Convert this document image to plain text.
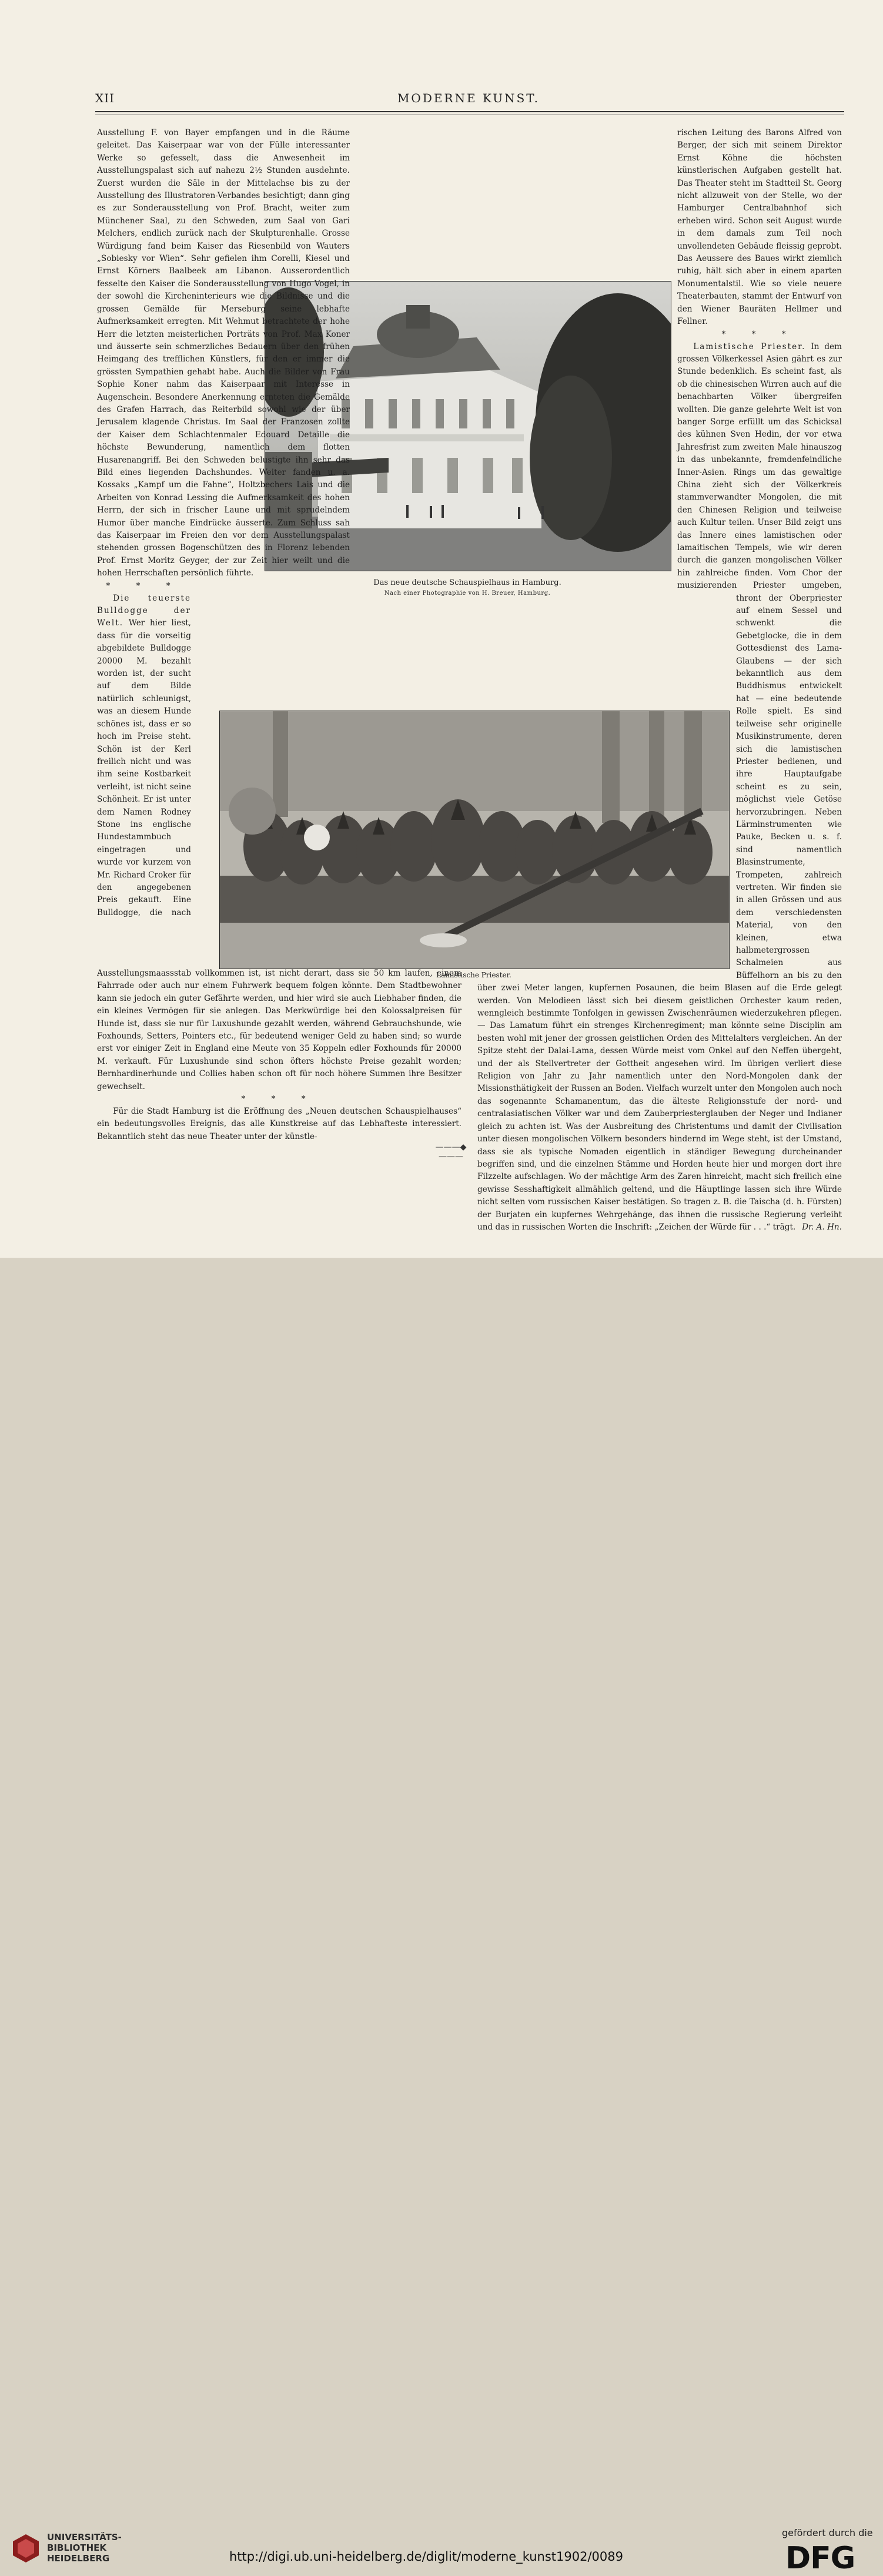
XII	MODERNE KUNST.
Das neue deutsche Schauspielhaus in Hamburg.
Nach einer Photographie von H. Breuer, Hamburg.
Lamistische Priester.

Ausstellung F. von Bayer empfangen und in die Räume geleitet. Das Kaiserpaar war von der Fülle interessanter Werke so gefesselt, dass die Anwesenheit im Ausstellungspalast sich auf nahezu 2½ Stunden ausdehnte. Zuerst wurden die Säle in der Mittelachse bis zu der Ausstellung des Illustratoren-Verbandes besichtigt; dann ging es zur Sonderausstellung von Prof. Bracht, weiter zum Münchener Saal, zu den Schweden, zum Saal von Gari Melchers, endlich zurück nach der Skulpturenhalle. Grosse Würdigung fand beim Kaiser das Riesenbild von Wauters „Sobiesky vor Wien“. Sehr gefielen ihm Corelli, Kiesel und Ernst Körners Baalbeek am Libanon. Ausserordentlich fesselte den Kaiser die Sonderausstellung von Hugo Vogel, in der sowohl die Kircheninterieurs wie die Bildnisse und die grossen Gemälde für Merseburg seine lebhafte Aufmerksamkeit erregten. Mit Wehmut betrachtete der hohe Herr die letzten meisterlichen Porträts von Prof. Max Koner und äusserte sein schmerzliches Bedauern über den frühen Heimgang des trefflichen Künstlers, für den er immer die grössten Sympathien gehabt habe. Auch die Bilder von Frau Sophie Koner nahm das Kaiserpaar mit Interesse in Augenschein. Besondere Anerkennung ernteten die Gemälde des Grafen Harrach, das Reiterbild sowohl wie der über Jerusalem klagende Christus. Im Saal der Franzosen zollte der Kaiser dem Schlachtenmaler Edouard Detaille die höchste Bewunderung, namentlich dem flotten Husarenangriff. Bei den Schweden belustigte ihn sehr das Bild eines liegenden Dachshundes. Weiter fanden u. a. Kossaks „Kampf um die Fahne“, Holtzbechers Lais und die Arbeiten von Konrad Lessing die Aufmerksamkeit des hohen Herrn, der sich in frischer Laune und mit sprudelndem Humor über manche Eindrücke äusserte. Zum Schluss sah das Kaiserpaar im Freien den vor dem Ausstellungspalast stehenden grossen Bogenschützen des in Florenz lebenden Prof. Ernst Moritz Geyger, der zur Zeit hier weilt und die hohen Herrschaften persönlich führte.

* * *

Die teuerste Bulldogge der Welt. Wer hier liest, dass für die vorseitig abgebildete Bulldogge 20000 M. bezahlt worden ist, der sucht auf dem Bilde natürlich schleunigst, was an diesem Hunde schönes ist, dass er so hoch im Preise steht. Schön ist der Kerl freilich nicht und was ihm seine Kostbarkeit verleiht, ist nicht seine Schönheit. Er ist unter dem Namen Rodney Stone ins englische Hundestammbuch eingetragen und wurde vor kurzem von Mr. Richard Croker für den angegebenen Preis gekauft. Eine Bulldogge, die nach Ausstellungsmaassstab vollkommen ist, ist nicht derart, dass sie 50 km laufen, einem Fahrrade oder auch nur einem Fuhrwerk bequem folgen könnte. Dem Stadtbewohner kann sie jedoch ein guter Gefährte werden, und hier wird sie auch Liebhaber finden, die ein kleines Vermögen für sie anlegen. Das Merkwürdige bei den Kolossalpreisen für Hunde ist, dass sie nur für Luxushunde gezahlt werden, während Gebrauchshunde, wie Foxhounds, Setters, Pointers etc., für bedeutend weniger Geld zu haben sind; so wurde erst vor einiger Zeit in England eine Meute von 35 Koppeln edler Foxhounds für 20000 M. verkauft. Für Luxushunde sind schon öfters höchste Preise gezahlt worden; Bernhardinerhunde und Collies haben schon oft für noch höhere Summen ihre Besitzer gewechselt.

* * *

Für die Stadt Hamburg ist die Eröffnung des „Neuen deutschen Schauspielhauses“ ein bedeutungsvolles Ereignis, das alle Kunstkreise auf das Lebhafteste interessiert. Bekanntlich steht das neue Theater unter der künstle-

rischen Leitung des Barons Alfred von Berger, der sich mit seinem Direktor Ernst Köhne die höchsten künstlerischen Aufgaben gestellt hat. Das Theater steht im Stadtteil St. Georg nicht allzuweit von der Stelle, wo der Hamburger Centralbahnhof sich erheben wird. Schon seit August wurde in dem damals zum Teil noch unvollendeten Gebäude fleissig geprobt. Das Aeussere des Baues wirkt ziemlich ruhig, hält sich aber in einem aparten Monumentalstil. Wie so viele neuere Theaterbauten, stammt der Entwurf von den Wiener Bauräten Hellmer und Fellner.

* * *

Lamistische Priester. In dem grossen Völkerkessel Asien gährt es zur Stunde bedenklich. Es scheint fast, als ob die chinesischen Wirren auch auf die benachbarten Völker übergreifen wollten. Die ganze gelehrte Welt ist von banger Sorge erfüllt um das Schicksal des kühnen Sven Hedin, der vor etwa Jahresfrist zum zweiten Male hinauszog in das unbekannte, fremdenfeindliche Inner-Asien. Rings um das gewaltige China zieht sich der Völkerkreis stammverwandter Mongolen, die mit den Chinesen Religion und teilweise auch Kultur teilen. Unser Bild zeigt uns das Innere eines lamistischen oder lamaitischen Tempels, wie wir deren durch die ganzen mongolischen Völker hin zahlreiche finden. Vom Chor der musizierenden Priester umgeben, thront der Oberpriester auf einem Sessel und schwenkt die Gebetglocke, die in dem Gottesdienst des Lama-Glaubens — der sich bekanntlich aus dem Buddhismus entwickelt hat — eine bedeutende Rolle spielt. Es sind teilweise sehr originelle Musikinstrumente, deren sich die lamistischen Priester bedienen, und ihre Hauptaufgabe scheint es zu sein, möglichst viele Getöse hervorzubringen. Neben Lärminstrumenten wie Pauke, Becken u. s. f. sind namentlich Blasinstrumente, Trompeten, zahlreich vertreten. Wir finden sie in allen Grössen und aus dem verschiedensten Material, von den kleinen, etwa halbmetergrossen Schalmeien aus Büffelhorn an bis zu den über zwei Meter langen, kupfernen Posaunen, die beim Blasen auf die Erde gelegt werden. Von Melodieen lässt sich bei diesem geistlichen Orchester kaum reden, wenngleich bestimmte Tonfolgen in gewissen Zwischenräumen wiederzukehren pflegen. — Das Lamatum führt ein strenges Kirchenregiment; man könnte seine Disciplin am besten wohl mit jener der grossen geistlichen Orden des Mittelalters vergleichen. An der Spitze steht der Dalai-Lama, dessen Würde meist vom Onkel auf den Neffen übergeht, und der als Stellvertreter der Gottheit angesehen wird. Im übrigen verliert diese Religion von Jahr zu Jahr namentlich unter den Nord-Mongolen dank der Missionsthätigkeit der Russen an Boden. Vielfach wurzelt unter den Mongolen auch noch das sogenannte Schamanentum, das die älteste Religionsstufe der nord- und centralasiatischen Völker war und dem Zauberpriesterglauben der Neger und Indianer gleich zu achten ist. Was der Ausbreitung des Christentums und damit der Civilisation unter diesen mongolischen Völkern besonders hindernd im Wege steht, ist der Umstand, dass sie als typische Nomaden eigentlich in ständiger Bewegung durcheinander begriffen sind, und die einzelnen Stämme und Horden heute hier und morgen dort ihre Filzzelte aufschlagen. Wo der mächtige Arm des Zaren hinreicht, macht sich freilich eine gewisse Sesshaftigkeit allmählich geltend, und die Häuptlinge lassen sich ihre Würde nicht selten vom russischen Kaiser bestätigen. So tragen z. B. die Taischa (d. h. Fürsten) der Burjaten ein kupfernes Wehrgehänge, das ihnen die russische Regierung verleiht und das in russischen Worten die Inschrift: „Zeichen der Würde für . . .“ trägt. Dr. A. Hn.

———◆———
UNIVERSITÄTS-
BIBLIOTHEK
HEIDELBERG	http://digi.ub.uni-heidelberg.de/diglit/moderne_kunst1902/0089
gefördert durch die
DFG
